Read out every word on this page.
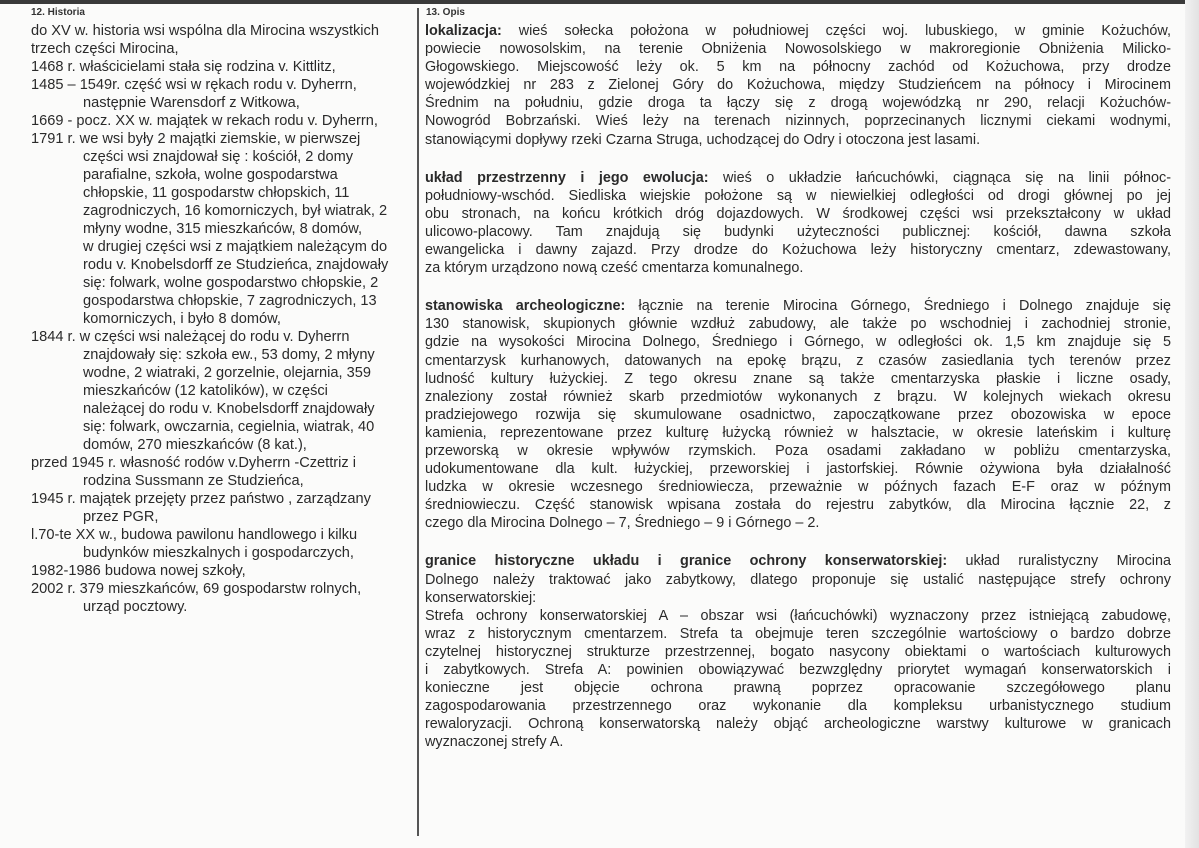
12. Historia	13. Opis
do XV w. historia wsi wspólna dla Mirocina wszystkich
trzech części Mirocina,
1468 r. właścicielami stała się rodzina v. Kittlitz,
1485 – 1549r. część wsi w rękach rodu v. Dyherrn,
następnie Warensdorf z Witkowa,
1669 - pocz. XX w. majątek w rekach rodu v. Dyherrn,
1791 r. we wsi były 2 majątki ziemskie, w pierwszej
części wsi znajdował się : kościół, 2 domy
parafialne, szkoła, wolne gospodarstwa
chłopskie, 11 gospodarstw chłopskich, 11
zagrodniczych, 16 komorniczych, był wiatrak, 2
młyny wodne, 315 mieszkańców, 8 domów,
w drugiej części wsi z majątkiem należącym do
rodu v. Knobelsdorff ze Studzieńca, znajdowały
się: folwark, wolne gospodarstwo chłopskie, 2
gospodarstwa chłopskie, 7 zagrodniczych, 13
komorniczych, i było 8 domów,
1844 r. w części wsi należącej do rodu v. Dyherrn
znajdowały się: szkoła ew., 53 domy, 2 młyny
wodne, 2 wiatraki, 2 gorzelnie, olejarnia, 359
mieszkańców (12 katolików), w części
należącej do rodu v. Knobelsdorff znajdowały
się: folwark, owczarnia, cegielnia, wiatrak, 40
domów, 270 mieszkańców (8 kat.),
przed 1945 r. własność rodów v.Dyherrn -Czettriz i
rodzina Sussmann ze Studzieńca,
1945 r. majątek przejęty przez państwo , zarządzany
przez PGR,
l.70-te XX w., budowa pawilonu handlowego i kilku
budynków mieszkalnych i gospodarczych,
1982-1986 budowa nowej szkoły,
2002 r. 379 mieszkańców, 69 gospodarstw rolnych,
urząd pocztowy.
lokalizacja: wieś sołecka położona w południowej części woj. lubuskiego, w gminie Kożuchów,
powiecie nowosolskim, na terenie Obniżenia Nowosolskiego w makroregionie Obniżenia Milicko-
Głogowskiego. Miejscowość leży ok. 5 km na północny zachód od Kożuchowa, przy drodze
wojewódzkiej nr 283 z Zielonej Góry do Kożuchowa, między Studzieńcem na północy i Mirocinem
Średnim na południu, gdzie droga ta łączy się z drogą wojewódzką nr 290, relacji Kożuchów-
Nowogród Bobrzański. Wieś leży na terenach nizinnych, poprzecinanych licznymi ciekami wodnymi,
stanowiącymi dopływy rzeki Czarna Struga, uchodzącej do Odry i otoczona jest lasami.
układ przestrzenny i jego ewolucja: wieś o układzie łańcuchówki, ciągnąca się na linii północ-
południowy-wschód. Siedliska wiejskie położone są w niewielkiej odległości od drogi głównej po jej
obu stronach, na końcu krótkich dróg dojazdowych. W środkowej części wsi przekształcony w układ
ulicowo-placowy. Tam znajdują się budynki użyteczności publicznej: kościół, dawna szkoła
ewangelicka i dawny zajazd. Przy drodze do Kożuchowa leży historyczny cmentarz, zdewastowany,
za którym urządzono nową cześć cmentarza komunalnego.
stanowiska archeologiczne: łącznie na terenie Mirocina Górnego, Średniego i Dolnego znajduje się
130 stanowisk, skupionych głównie wzdłuż zabudowy, ale także po wschodniej i zachodniej stronie,
gdzie na wysokości Mirocina Dolnego, Średniego i Górnego, w odległości ok. 1,5 km znajduje się 5
cmentarzysk kurhanowych, datowanych na epokę brązu, z czasów zasiedlania tych terenów przez
ludność kultury łużyckiej. Z tego okresu znane są także cmentarzyska płaskie i liczne osady,
znaleziony został również skarb przedmiotów wykonanych z brązu. W kolejnych wiekach okresu
pradziejowego rozwija się skumulowane osadnictwo, zapoczątkowane przez obozowiska w epoce
kamienia, reprezentowane przez kulturę łużycką również w halsztacie, w okresie lateńskim i kulturę
przeworską w okresie wpływów rzymskich. Poza osadami zakładano w pobliżu cmentarzyska,
udokumentowane dla kult. łużyckiej, przeworskiej i jastorfskiej. Równie ożywiona była działalność
ludzka w okresie wczesnego średniowiecza, przeważnie w późnych fazach E-F oraz w późnym
średniowieczu. Część stanowisk wpisana została do rejestru zabytków, dla Mirocina łącznie 22, z
czego dla Mirocina Dolnego – 7, Średniego – 9 i Górnego – 2.
granice historyczne układu i granice ochrony konserwatorskiej: układ ruralistyczny Mirocina
Dolnego należy traktować jako zabytkowy, dlatego proponuje się ustalić następujące strefy ochrony
konserwatorskiej:
Strefa ochrony konserwatorskiej A – obszar wsi (łańcuchówki) wyznaczony przez istniejącą zabudowę,
wraz z historycznym cmentarzem. Strefa ta obejmuje teren szczególnie wartościowy o bardzo dobrze
czytelnej historycznej strukturze przestrzennej, bogato nasycony obiektami o wartościach kulturowych
i zabytkowych. Strefa A: powinien obowiązywać bezwzględny priorytet wymagań konserwatorskich i
konieczne jest objęcie ochrona prawną poprzez opracowanie szczegółowego planu
zagospodarowania przestrzennego oraz wykonanie dla kompleksu urbanistycznego studium
rewaloryzacji. Ochroną konserwatorską należy objąć archeologiczne warstwy kulturowe w granicach
wyznaczonej strefy A.
